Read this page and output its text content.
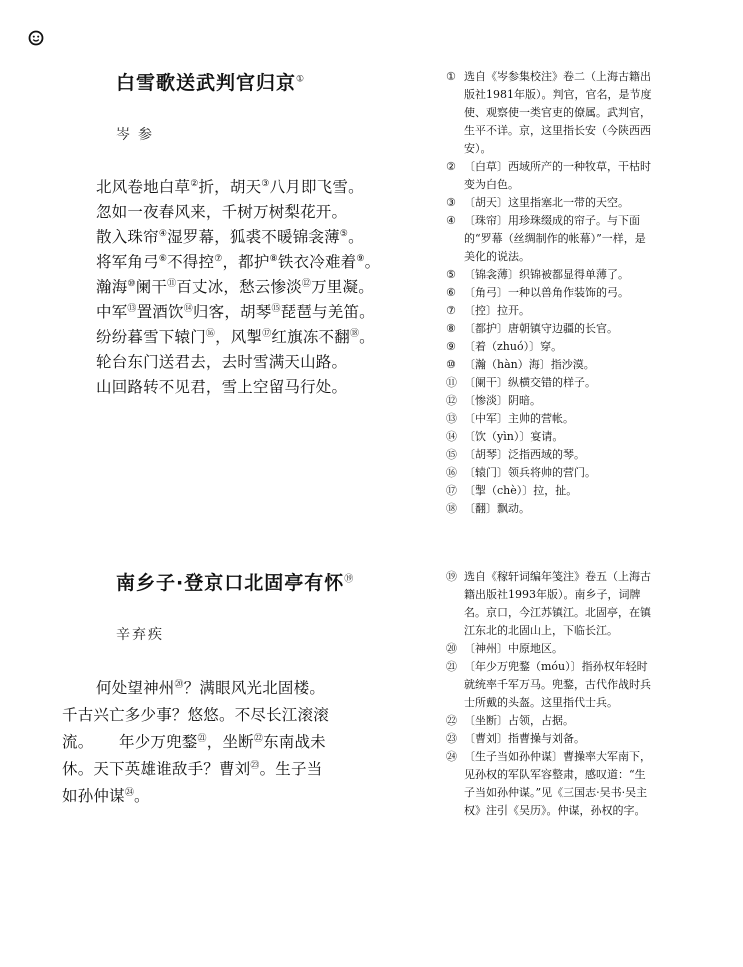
白雪歌送武判官归京①
岑参
北风卷地白草②折，胡天③八月即飞雪。
忽如一夜春风来，千树万树梨花开。
散入珠帘④湿罗幕，狐裘不暖锦衾薄⑤。
将军角弓⑥不得控⑦，都护⑧铁衣冷难着⑨。
瀚海⑩阑干⑪百丈冰，愁云惨淡⑫万里凝。
中军⑬置酒饮⑭归客，胡琴⑮琵琶与羌笛。
纷纷暮雪下辕门⑯，风掣⑰红旗冻不翻⑱。
轮台东门送君去，去时雪满天山路。
山回路转不见君，雪上空留马行处。
① 选自《岑参集校注》卷二（上海古籍出版社1981年版）。判官，官名，是节度使、观察使一类官吏的僚属。武判官，生平不详。京，这里指长安（今陕西西安）。
② 〔白草〕西域所产的一种牧草，干枯时变为白色。
③ 〔胡天〕这里指塞北一带的天空。
④ 〔珠帘〕用珍珠缀成的帘子。与下面的“罗幕（丝绸制作的帐幕）”一样，是美化的说法。
⑤ 〔锦衾薄〕织锦被都显得单薄了。
⑥ 〔角弓〕一种以兽角作装饰的弓。
⑦ 〔控〕拉开。
⑧ 〔都护〕唐朝镇守边疆的长官。
⑨ 〔着（zhuó）〕穿。
⑩ 〔瀚（hàn）海〕指沙漠。
⑪ 〔阑干〕纵横交错的样子。
⑫ 〔惨淡〕阴暗。
⑬ 〔中军〕主帅的营帐。
⑭ 〔饮（yìn）〕宴请。
⑮ 〔胡琴〕泛指西域的琴。
⑯ 〔辕门〕领兵将帅的营门。
⑰ 〔掣（chè）〕拉，扯。
⑱ 〔翻〕飘动。
南乡子·登京口北固亭有怀⑲
辛弃疾

何处望神州⑳？满眼风光北固楼。

千古兴亡多少事？悠悠。不尽长江滚滚

流。     年少万兜鍪$^㉑$，坐断$^㉒$东南战未

休。天下英雄谁敌手？曹刘$^㉓$。生子当

如孙仲谋$^㉔$。

⑲ 选自《稼轩词编年笺注》卷五（上海古籍出版社1993年版）。南乡子，词牌名。京口，今江苏镇江。北固亭，在镇江东北的北固山上，下临长江。
⑳ 〔神州〕中原地区。
㉑ 〔年少万兜鍪（móu）〕指孙权年轻时就统率千军万马。兜鍪，古代作战时兵士所戴的头盔。这里指代士兵。
㉒ 〔坐断〕占领，占据。
㉓ 〔曹刘〕指曹操与刘备。
㉔ 〔生子当如孙仲谋〕曹操率大军南下，见孙权的军队军容整肃，感叹道：“生子当如孙仲谋。”见《三国志·吴书·吴主权》注引《吴历》。仲谋，孙权的字。
